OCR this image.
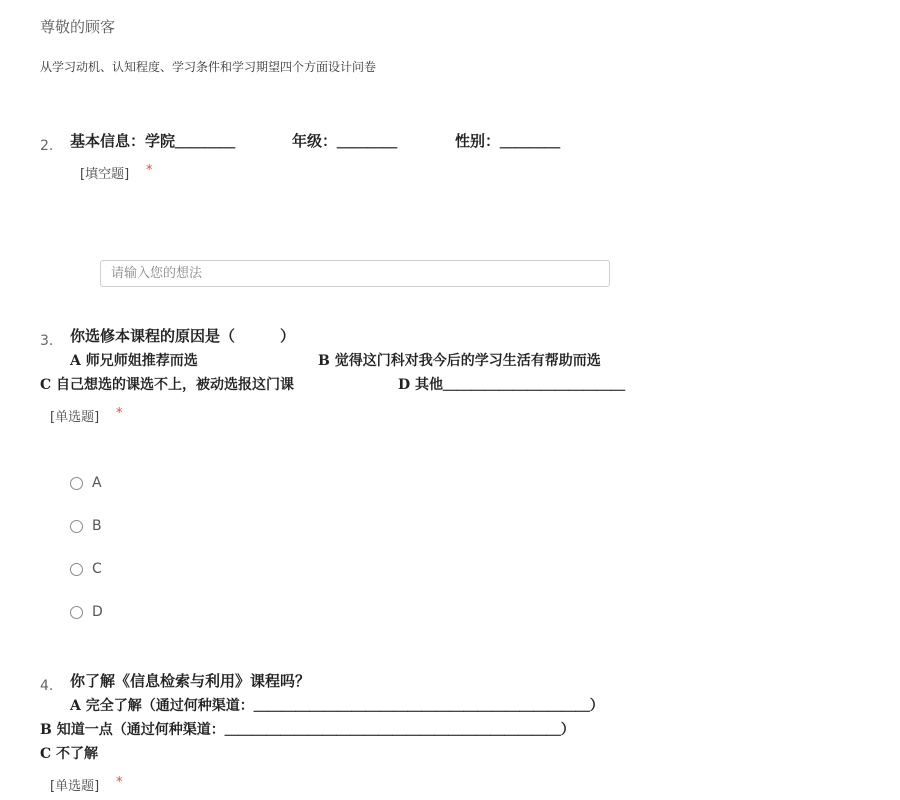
尊敬的顾客
从学习动机、认知程度、学习条件和学习期望四个方面设计问卷
2. 基本信息：学院＿＿＿＿	年级：＿＿＿＿	性别：＿＿＿＿
[填空题] *
请输入您的想法
3. 你选修本课程的原因是（　　　）
A 师兄师姐推荐而选	B 觉得这门科对我今后的学习生活有帮助而选
C 自己想选的课选不上，被动选报这门课	D 其他＿＿＿＿＿＿＿＿＿＿＿＿＿
[单选题] *
A
B
C
D
4. 你了解《信息检索与利用》课程吗？
A 完全了解（通过何种渠道：＿＿＿＿＿＿＿＿＿＿＿＿＿＿＿＿＿＿＿＿＿＿＿＿）
B 知道一点（通过何种渠道：＿＿＿＿＿＿＿＿＿＿＿＿＿＿＿＿＿＿＿＿＿＿＿＿）
C 不了解
[单选题] *
